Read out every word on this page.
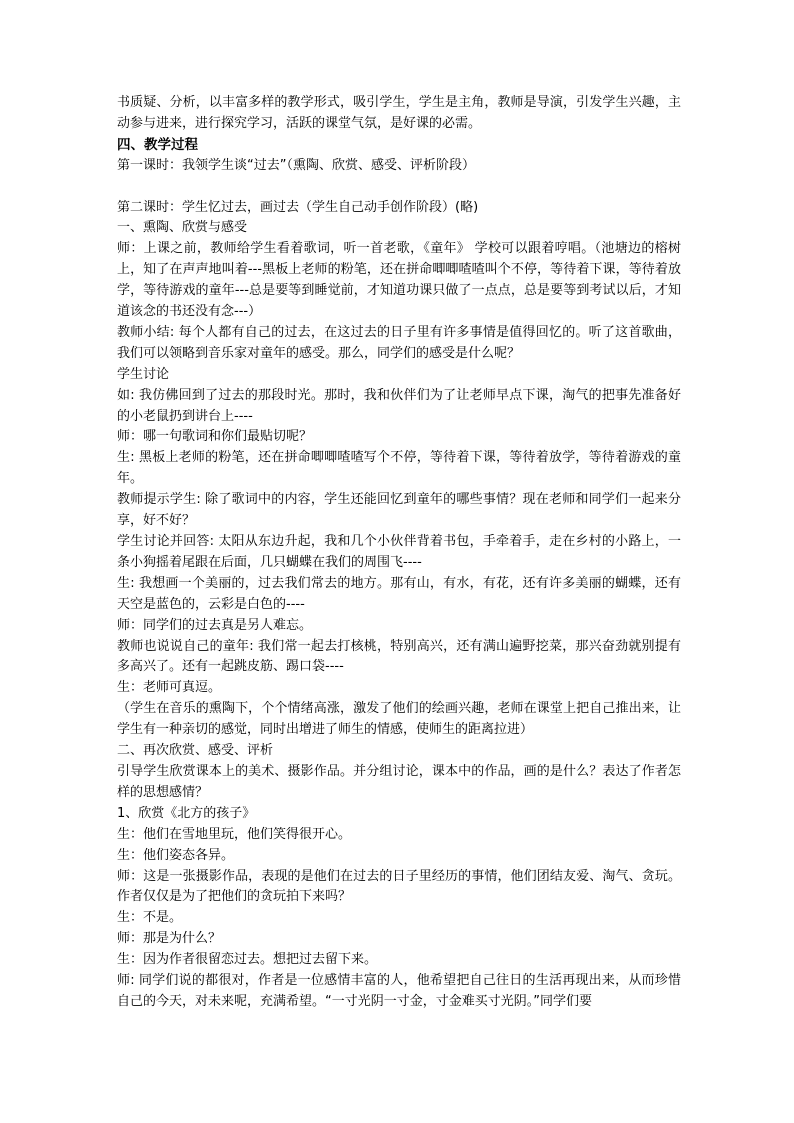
书质疑、分析，以丰富多样的教学形式，吸引学生，学生是主角，教师是导演，引发学生兴趣，主动参与进来，进行探究学习，活跃的课堂气氛，是好课的必需。

四、教学过程

第一课时：我领学生谈“过去”（熏陶、欣赏、感受、评析阶段）

第二课时：学生忆过去，画过去（学生自己动手创作阶段）(略)

一、熏陶、欣赏与感受

师：上课之前，教师给学生看着歌词，听一首老歌，《童年》 学校可以跟着哼唱。（池塘边的榕树上，知了在声声地叫着---黑板上老师的粉笔，还在拼命唧唧喳喳叫个不停，等待着下课，等待着放学，等待游戏的童年---总是要等到睡觉前，才知道功课只做了一点点，总是要等到考试以后，才知道该念的书还没有念---）

教师小结: 每个人都有自己的过去，在这过去的日子里有许多事情是值得回忆的。听了这首歌曲，我们可以领略到音乐家对童年的感受。那么，同学们的感受是什么呢？

学生讨论

如: 我仿佛回到了过去的那段时光。那时，我和伙伴们为了让老师早点下课，淘气的把事先准备好的小老鼠扔到讲台上----

师：哪一句歌词和你们最贴切呢？

生: 黑板上老师的粉笔，还在拼命唧唧喳喳写个不停，等待着下课，等待着放学，等待着游戏的童年。

教师提示学生: 除了歌词中的内容，学生还能回忆到童年的哪些事情？现在老师和同学们一起来分享，好不好？

学生讨论并回答: 太阳从东边升起，我和几个小伙伴背着书包，手牵着手，走在乡村的小路上，一条小狗摇着尾跟在后面，几只蝴蝶在我们的周围飞----

生: 我想画一个美丽的，过去我们常去的地方。那有山，有水，有花，还有许多美丽的蝴蝶，还有天空是蓝色的，云彩是白色的----

师：同学们的过去真是另人难忘。

教师也说说自己的童年: 我们常一起去打核桃，特别高兴，还有满山遍野挖菜，那兴奋劲就别提有多高兴了。还有一起跳皮筋、踢口袋----

生：老师可真逗。

（学生在音乐的熏陶下，个个情绪高涨，激发了他们的绘画兴趣，老师在课堂上把自己推出来，让学生有一种亲切的感觉，同时出增进了师生的情感，使师生的距离拉进）

二、再次欣赏、感受、评析

引导学生欣赏课本上的美术、摄影作品。并分组讨论，课本中的作品，画的是什么？表达了作者怎样的思想感情？

1、欣赏《北方的孩子》

生：他们在雪地里玩，他们笑得很开心。

生：他们姿态各异。

师：这是一张摄影作品，表现的是他们在过去的日子里经历的事情，他们团结友爱、淘气、贪玩。作者仅仅是为了把他们的贪玩拍下来吗？

生：不是。

师：那是为什么？

生：因为作者很留恋过去。想把过去留下来。

师: 同学们说的都很对，作者是一位感情丰富的人，他希望把自己往日的生活再现出来，从而珍惜自己的今天，对未来呢，充满希望。“一寸光阴一寸金，寸金难买寸光阴。”同学们要
